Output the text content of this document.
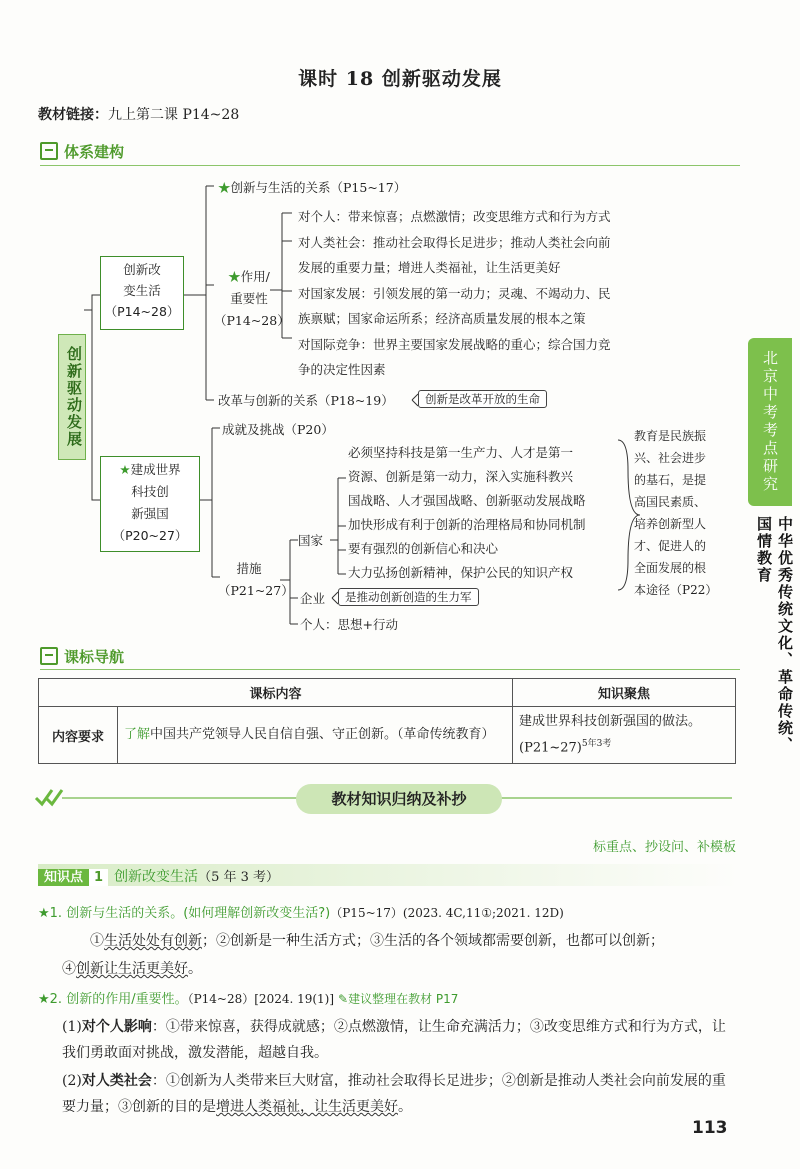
课时 18 创新驱动发展
教材链接：九上第二课 P14~28
体系建构
创新驱动发展
创新改
变生活
（P14~28）
★创新与生活的关系（P15~17）
★作用/
重要性
（P14~28）
对个人：带来惊喜；点燃激情；改变思维方式和行为方式
对人类社会：推动社会取得长足进步；推动人类社会向前
发展的重要力量；增进人类福祉，让生活更美好
对国家发展：引领发展的第一动力；灵魂、不竭动力、民
族禀赋；国家命运所系；经济高质量发展的根本之策
对国际竞争：世界主要国家发展战略的重心；综合国力竞
争的决定性因素
改革与创新的关系（P18~19）	创新是改革开放的生命
★建成世界
科技创
新强国
（P20~27）
成就及挑战（P20）
措施
（P21~27）
国家
必须坚持科技是第一生产力、人才是第一
资源、创新是第一动力，深入实施科教兴
国战略、人才强国战略、创新驱动发展战略
加快形成有利于创新的治理格局和协同机制
要有强烈的创新信心和决心
大力弘扬创新精神，保护公民的知识产权
教育是民族振
兴、社会进步
的基石，是提
高国民素质、
培养创新型人
才、促进人的
全面发展的根
本途径（P22）
企业	是推动创新创造的生力军
个人：思想+行动
课标导航
课标内容		知识聚焦
内容要求	了解中国共产党领导人民自信自强、守正创新。（革命传统教育）	建成世界科技创新强国的做法。(P21~27)$^{5年3考}$
教材知识归纳及补抄
标重点、抄设问、补模板
知识点 1 创新改变生活（5 年 3 考）
★1. 创新与生活的关系。(如何理解创新改变生活?)（P15~17）(2023. 4C,11①;2021. 12D)
①生活处处有创新；②创新是一种生活方式；③生活的各个领域都需要创新，也都可以创新；
④创新让生活更美好。
★2. 创新的作用/重要性。（P14~28）[2024. 19(1)] ✎建议整理在教材 P17
(1)对个人影响：①带来惊喜，获得成就感；②点燃激情，让生命充满活力；③改变思维方式和行为方式，让我们勇敢面对挑战，激发潜能，超越自我。
(2)对人类社会：①创新为人类带来巨大财富，推动社会取得长足进步；②创新是推动人类社会向前发展的重要力量；③创新的目的是增进人类福祉，让生活更美好。
113
北京中考考点研究
中华优秀传统文化、革命传统、国情教育
